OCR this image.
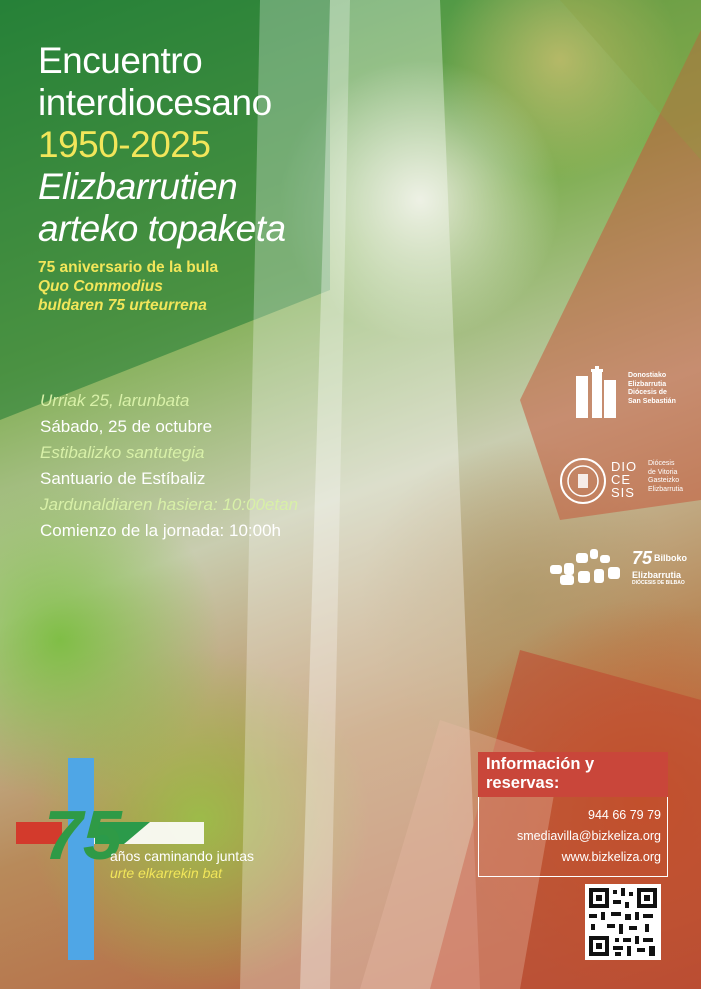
Encuentro
interdiocesano
1950-2025
Elizbarrutien
arteko topaketa
75 aniversario de la bula
Quo Commodius
buldaren 75 urteurrena
Urriak 25, larunbata
Sábado, 25 de octubre
Estibalizko santutegia
Santuario de Estíbaliz
Jardunaldiaren hasiera: 10:00etan
Comienzo de la jornada: 10:00h
Donostiako
Elizbarrutia
Diócesis de
San Sebastián
DIO
CE
SIS
Diócesis
de Vitoria
Gasteizko
Elizbarrutia
75 Bilboko
Elizbarrutia
DIÓCESIS DE BILBAO
Información y reservas:
944 66 79 79
smediavilla@bizkeliza.org
www.bizkeliza.org
75
años caminando juntas
urte elkarrekin bat
